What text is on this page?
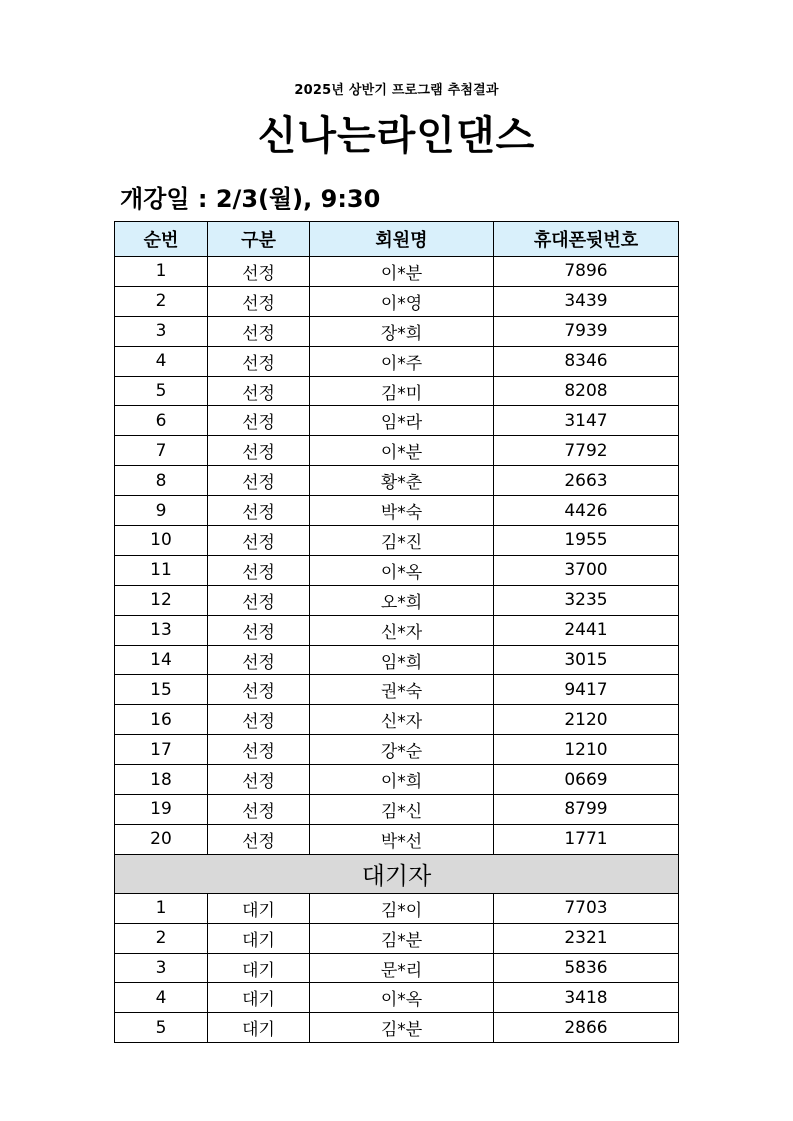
2025년 상반기 프로그램 추첨결과
신나는라인댄스
개강일 : 2/3(월), 9:30
순번	구분	회원명	휴대폰뒷번호
1	선정	이*분	7896
2	선정	이*영	3439
3	선정	장*희	7939
4	선정	이*주	8346
5	선정	김*미	8208
6	선정	임*라	3147
7	선정	이*분	7792
8	선정	황*춘	2663
9	선정	박*숙	4426
10	선정	김*진	1955
11	선정	이*옥	3700
12	선정	오*희	3235
13	선정	신*자	2441
14	선정	임*희	3015
15	선정	권*숙	9417
16	선정	신*자	2120
17	선정	강*순	1210
18	선정	이*희	0669
19	선정	김*신	8799
20	선정	박*선	1771
대기자			
1	대기	김*이	7703
2	대기	김*분	2321
3	대기	문*리	5836
4	대기	이*옥	3418
5	대기	김*분	2866
